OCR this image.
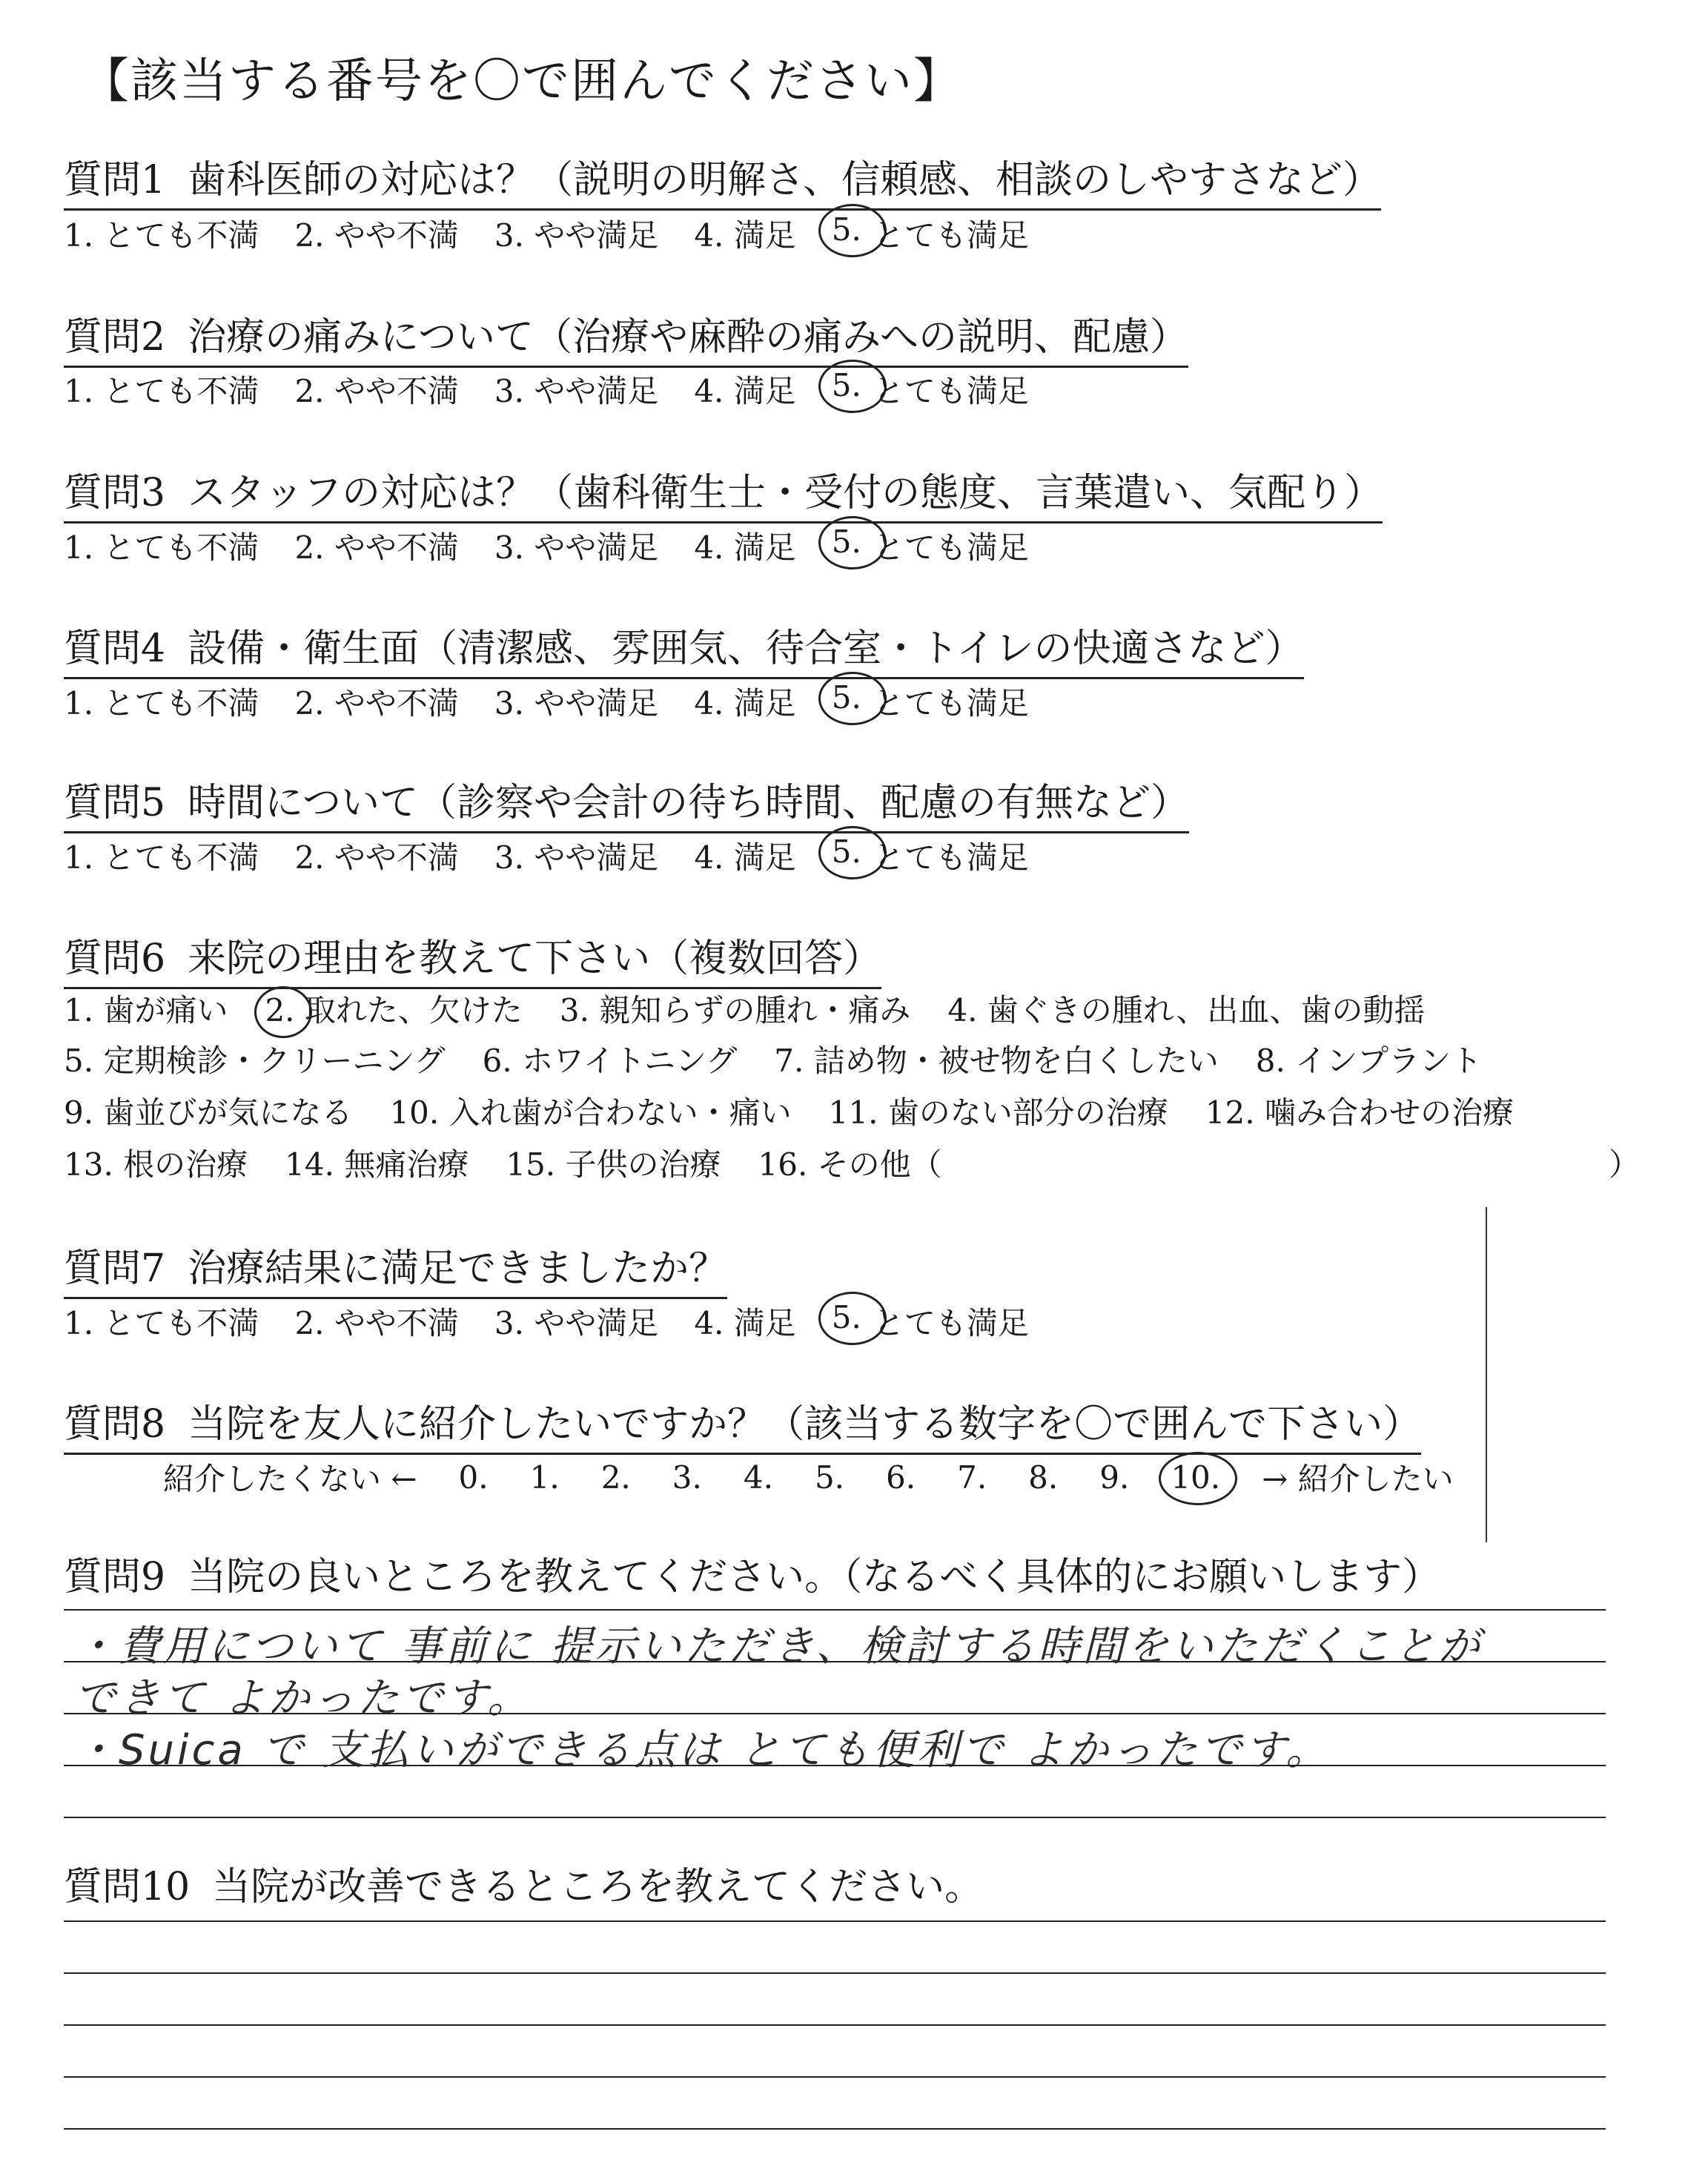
【該当する番号を〇で囲んでください】
質問1 歯科医師の対応は？（説明の明解さ、信頼感、相談のしやすさなど）
1. とても不満 2. やや不満 3. やや満足 4. 満足 5. とても満足
質問2 治療の痛みについて（治療や麻酔の痛みへの説明、配慮）
1. とても不満 2. やや不満 3. やや満足 4. 満足 5. とても満足
質問3 スタッフの対応は？（歯科衛生士・受付の態度、言葉遣い、気配り）
1. とても不満 2. やや不満 3. やや満足 4. 満足 5. とても満足
質問4 設備・衛生面（清潔感、雰囲気、待合室・トイレの快適さなど）
1. とても不満 2. やや不満 3. やや満足 4. 満足 5. とても満足
質問5 時間について（診察や会計の待ち時間、配慮の有無など）
1. とても不満 2. やや不満 3. やや満足 4. 満足 5. とても満足
質問6 来院の理由を教えて下さい（複数回答）
1. 歯が痛い 2. 取れた、欠けた 3. 親知らずの腫れ・痛み 4. 歯ぐきの腫れ、出血、歯の動揺
5. 定期検診・クリーニング 6. ホワイトニング 7. 詰め物・被せ物を白くしたい 8. インプラント
9. 歯並びが気になる 10. 入れ歯が合わない・痛い 11. 歯のない部分の治療 12. 噛み合わせの治療
13. 根の治療 14. 無痛治療 15. 子供の治療 16. その他（	）
質問7 治療結果に満足できましたか？
1. とても不満 2. やや不満 3. やや満足 4. 満足 5. とても満足
質問8 当院を友人に紹介したいですか？（該当する数字を〇で囲んで下さい）
紹介したくない ← 0. 1. 2. 3. 4. 5. 6. 7. 8. 9. 10. → 紹介したい
質問9 当院の良いところを教えてください。（なるべく具体的にお願いします）
・費用について 事前に 提示いただき、検討する時間をいただくことが
できて よかったです。
・Suica で 支払いができる点は とても便利で よかったです。
質問10 当院が改善できるところを教えてください。
